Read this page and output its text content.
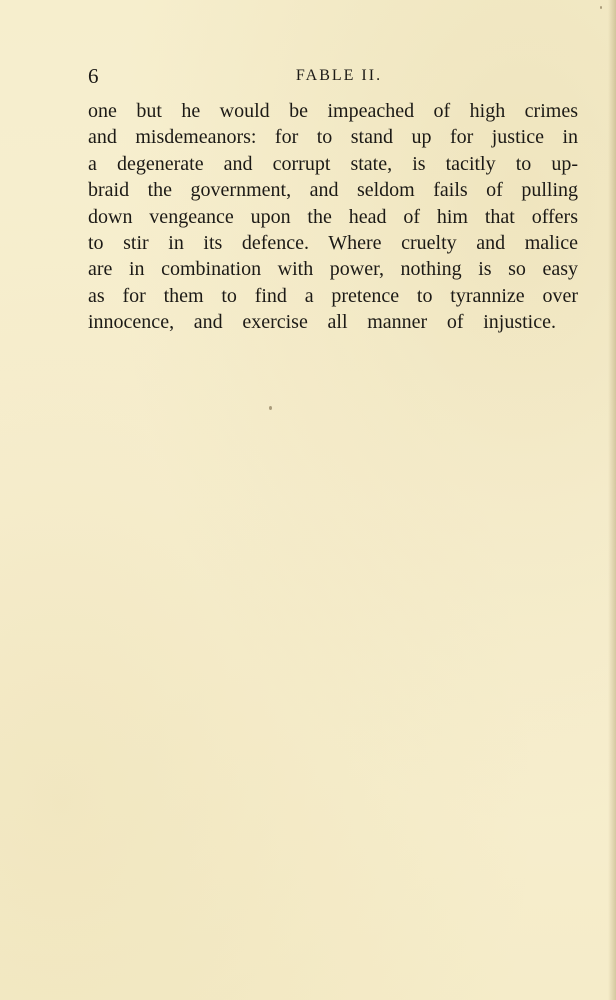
6	FABLE II.
one but he would be impeached of high crimes
and misdemeanors: for to stand up for justice in
a degenerate and corrupt state, is tacitly to up-
braid the government, and seldom fails of pulling
down vengeance upon the head of him that offers
to stir in its defence. Where cruelty and malice
are in combination with power, nothing is so easy
as for them to find a pretence to tyrannize over
innocence, and exercise all manner of injustice.
